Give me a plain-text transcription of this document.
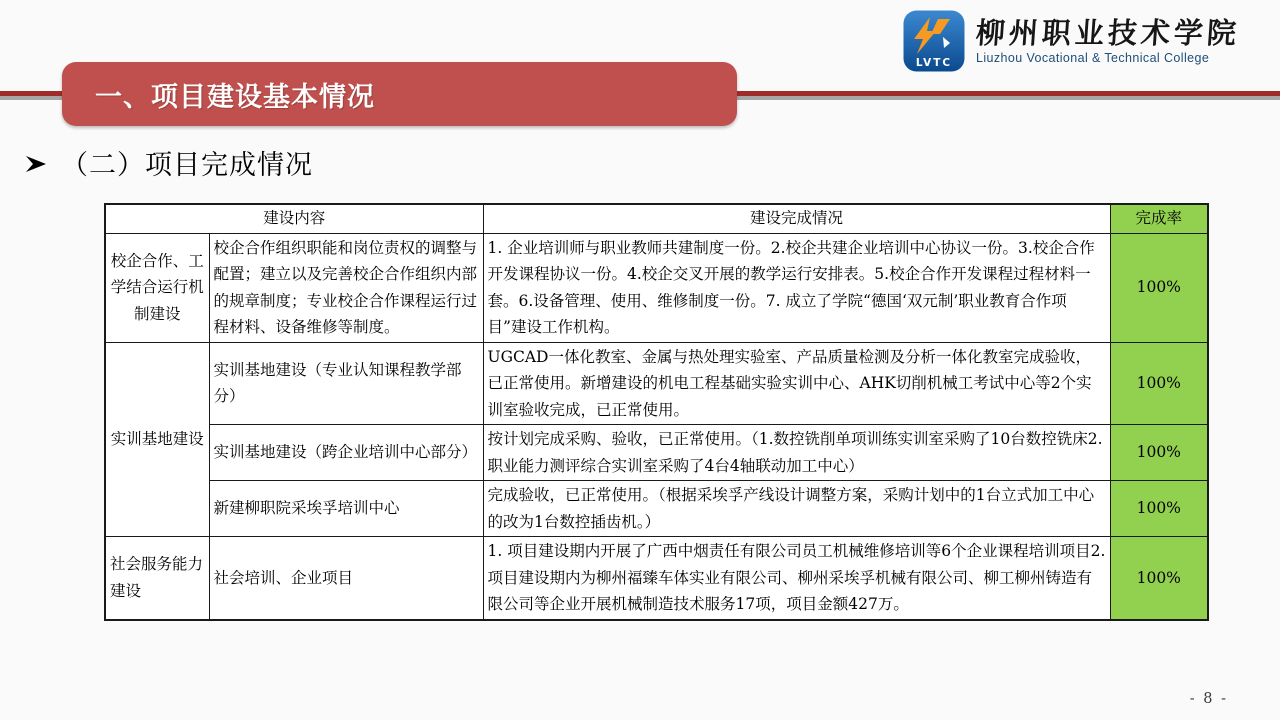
一、项目建设基本情况
LVTC
柳州职业技术学院
Liuzhou Vocational & Technical College
（二）项目完成情况
建设内容		建设完成情况	完成率
校企合作、工学结合运行机制建设	校企合作组织职能和岗位责权的调整与配置；建立以及完善校企合作组织内部的规章制度；专业校企合作课程运行过程材料、设备维修等制度。	1. 企业培训师与职业教师共建制度一份。2.校企共建企业培训中心协议一份。3.校企合作开发课程协议一份。4.校企交叉开展的教学运行安排表。5.校企合作开发课程过程材料一套。6.设备管理、使用、维修制度一份。7. 成立了学院“德国‘双元制’职业教育合作项目”建设工作机构。	100%
实训基地建设	实训基地建设（专业认知课程教学部分）	UGCAD一体化教室、金属与热处理实验室、产品质量检测及分析一体化教室完成验收，已正常使用。新增建设的机电工程基础实验实训中心、AHK切削机械工考试中心等2个实训室验收完成，已正常使用。	100%
	实训基地建设（跨企业培训中心部分）	按计划完成采购、验收，已正常使用。（1.数控铣削单项训练实训室采购了10台数控铣床2.职业能力测评综合实训室采购了4台4轴联动加工中心）	100%
	新建柳职院采埃孚培训中心	完成验收，已正常使用。（根据采埃孚产线设计调整方案，采购计划中的1台立式加工中心的改为1台数控插齿机。）	100%
社会服务能力建设	社会培训、企业项目	1. 项目建设期内开展了广西中烟责任有限公司员工机械维修培训等6个企业课程培训项目2.项目建设期内为柳州福臻车体实业有限公司、柳州采埃孚机械有限公司、柳工柳州铸造有限公司等企业开展机械制造技术服务17项，项目金额427万。	100%
- 8 -
